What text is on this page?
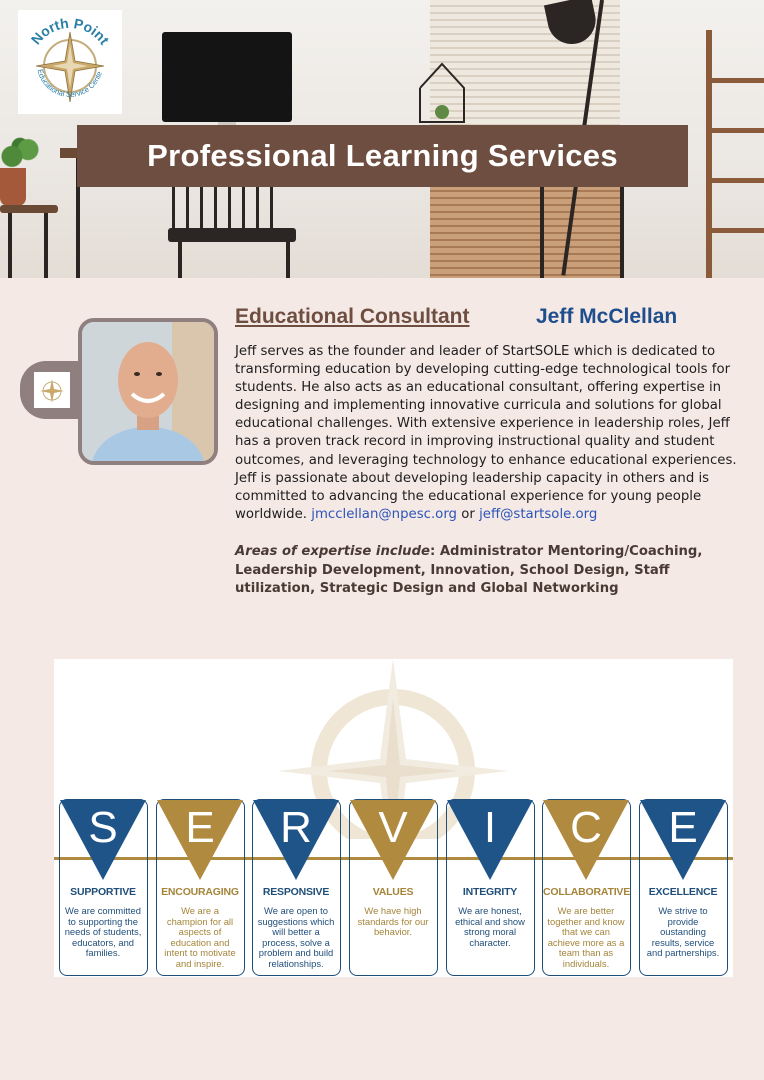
North Point
Educational Service Cente
Professional Learning Services
Educational Consultant	Jeff McClellan
Jeff serves as the founder and leader of StartSOLE which is dedicated to transforming education by developing cutting-edge technological tools for students. He also acts as an educational consultant, offering expertise in designing and implementing innovative curricula and solutions for global educational challenges. With extensive experience in leadership roles, Jeff has a proven track record in improving instructional quality and student outcomes, and leveraging technology to enhance educational experiences. Jeff is passionate about developing leadership capacity in others and is committed to advancing the educational experience for young people worldwide. jmcclellan@npesc.org or jeff@startsole.org
Areas of expertise include: Administrator Mentoring/Coaching, Leadership Development, Innovation, School Design, Staff utilization, Strategic Design and Global Networking
S
SUPPORTIVE
We are committed to supporting the needs of students, educators, and families.
E
ENCOURAGING
We are a champion for all aspects of education and intent to motivate and inspire.
R
RESPONSIVE
We are open to suggestions which will better a process, solve a problem and build relationships.
V
VALUES
We have high standards for our behavior.
I
INTEGRITY
We are honest, ethical and show strong moral character.
C
COLLABORATIVE
We are better together and know that we can achieve more as a team than as individuals.
E
EXCELLENCE
We strive to provide oustanding results, service and partnerships.
